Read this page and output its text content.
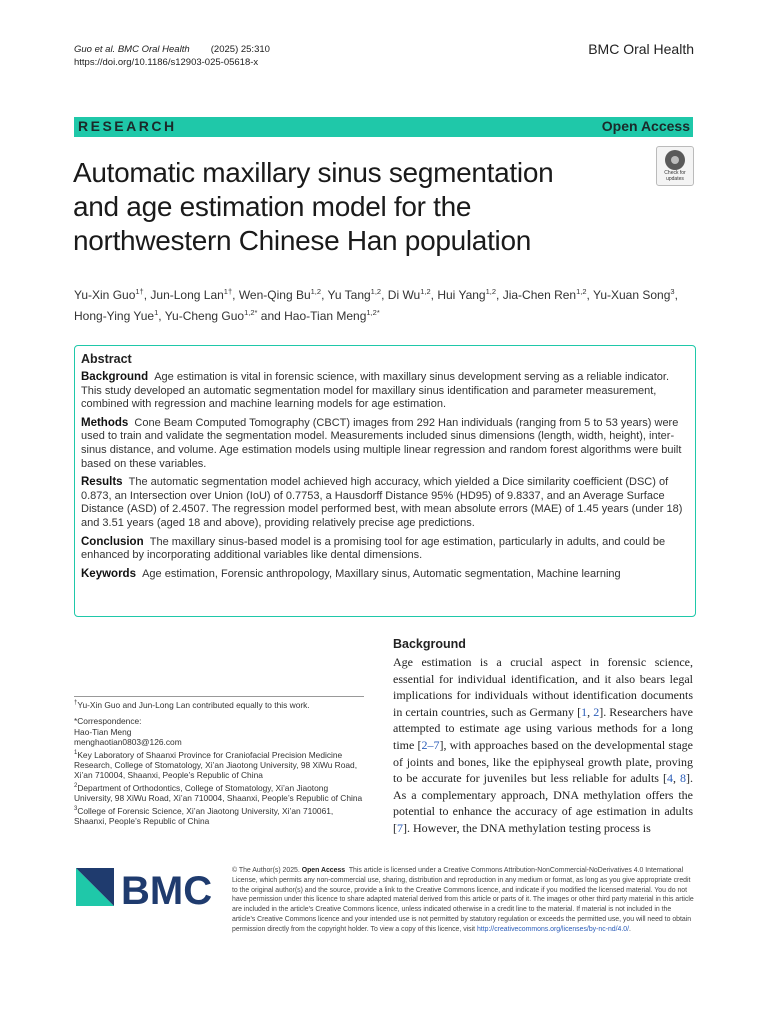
Guo et al. BMC Oral Health (2025) 25:310
https://doi.org/10.1186/s12903-025-05618-x
BMC Oral Health
RESEARCH	Open Access
Check for
updates
Automatic maxillary sinus segmentation and age estimation model for the northwestern Chinese Han population
Yu-Xin Guo$^{1\dagger}$, Jun-Long Lan$^{1\dagger}$, Wen-Qing Bu$^{1,2}$, Yu Tang$^{1,2}$, Di Wu$^{1,2}$, Hui Yang$^{1,2}$, Jia-Chen Ren$^{1,2}$, Yu-Xuan Song$^3$, Hong-Ying Yue$^1$, Yu-Cheng Guo$^{1,2*}$ and Hao-Tian Meng$^{1,2*}$
Abstract

Background Age estimation is vital in forensic science, with maxillary sinus development serving as a reliable indicator. This study developed an automatic segmentation model for maxillary sinus identification and parameter measurement, combined with regression and machine learning models for age estimation.

Methods Cone Beam Computed Tomography (CBCT) images from 292 Han individuals (ranging from 5 to 53 years) were used to train and validate the segmentation model. Measurements included sinus dimensions (length, width, height), inter-sinus distance, and volume. Age estimation models using multiple linear regression and random forest algorithms were built based on these variables.

Results The automatic segmentation model achieved high accuracy, which yielded a Dice similarity coefficient (DSC) of 0.873, an Intersection over Union (IoU) of 0.7753, a Hausdorff Distance 95% (HD95) of 9.8337, and an Average Surface Distance (ASD) of 2.4507. The regression model performed best, with mean absolute errors (MAE) of 1.45 years (under 18) and 3.51 years (aged 18 and above), providing relatively precise age predictions.

Conclusion The maxillary sinus-based model is a promising tool for age estimation, particularly in adults, and could be enhanced by incorporating additional variables like dental dimensions.

Keywords Age estimation, Forensic anthropology, Maxillary sinus, Automatic segmentation, Machine learning

Background
Age estimation is a crucial aspect in forensic science, essential for individual identification, and it also bears legal implications for individuals without identification documents in certain countries, such as Germany [1, 2]. Researchers have attempted to estimate age using various methods for a long time [2–7], with approaches based on the developmental stage of joints and bones, like the epiphyseal growth plate, proving to be accurate for juveniles but less reliable for adults [4, 8]. As a complementary approach, DNA methylation offers the potential to enhance the accuracy of age estimation in adults [7]. However, the DNA methylation testing process is
†Yu-Xin Guo and Jun-Long Lan contributed equally to this work.
*Correspondence:
Hao-Tian Meng
menghaotian0803@126.com
$^1$Key Laboratory of Shaanxi Province for Craniofacial Precision Medicine Research, College of Stomatology, Xi’an Jiaotong University, 98 XiWu Road, Xi’an 710004, Shaanxi, People’s Republic of China
$^2$Department of Orthodontics, College of Stomatology, Xi’an Jiaotong University, 98 XiWu Road, Xi’an 710004, Shaanxi, People’s Republic of China
$^3$College of Forensic Science, Xi’an Jiaotong University, Xi’an 710061, Shaanxi, People’s Republic of China
BMC	© The Author(s) 2025. Open Access This article is licensed under a Creative Commons Attribution-NonCommercial-NoDerivatives 4.0 International License, which permits any non-commercial use, sharing, distribution and reproduction in any medium or format, as long as you give appropriate credit to the original author(s) and the source, provide a link to the Creative Commons licence, and indicate if you modified the licensed material. You do not have permission under this licence to share adapted material derived from this article or parts of it. The images or other third party material in this article are included in the article’s Creative Commons licence, unless indicated otherwise in a credit line to the material. If material is not included in the article’s Creative Commons licence and your intended use is not permitted by statutory regulation or exceeds the permitted use, you will need to obtain permission directly from the copyright holder. To view a copy of this licence, visit http://creativecommons.org/licenses/by-nc-nd/4.0/.
